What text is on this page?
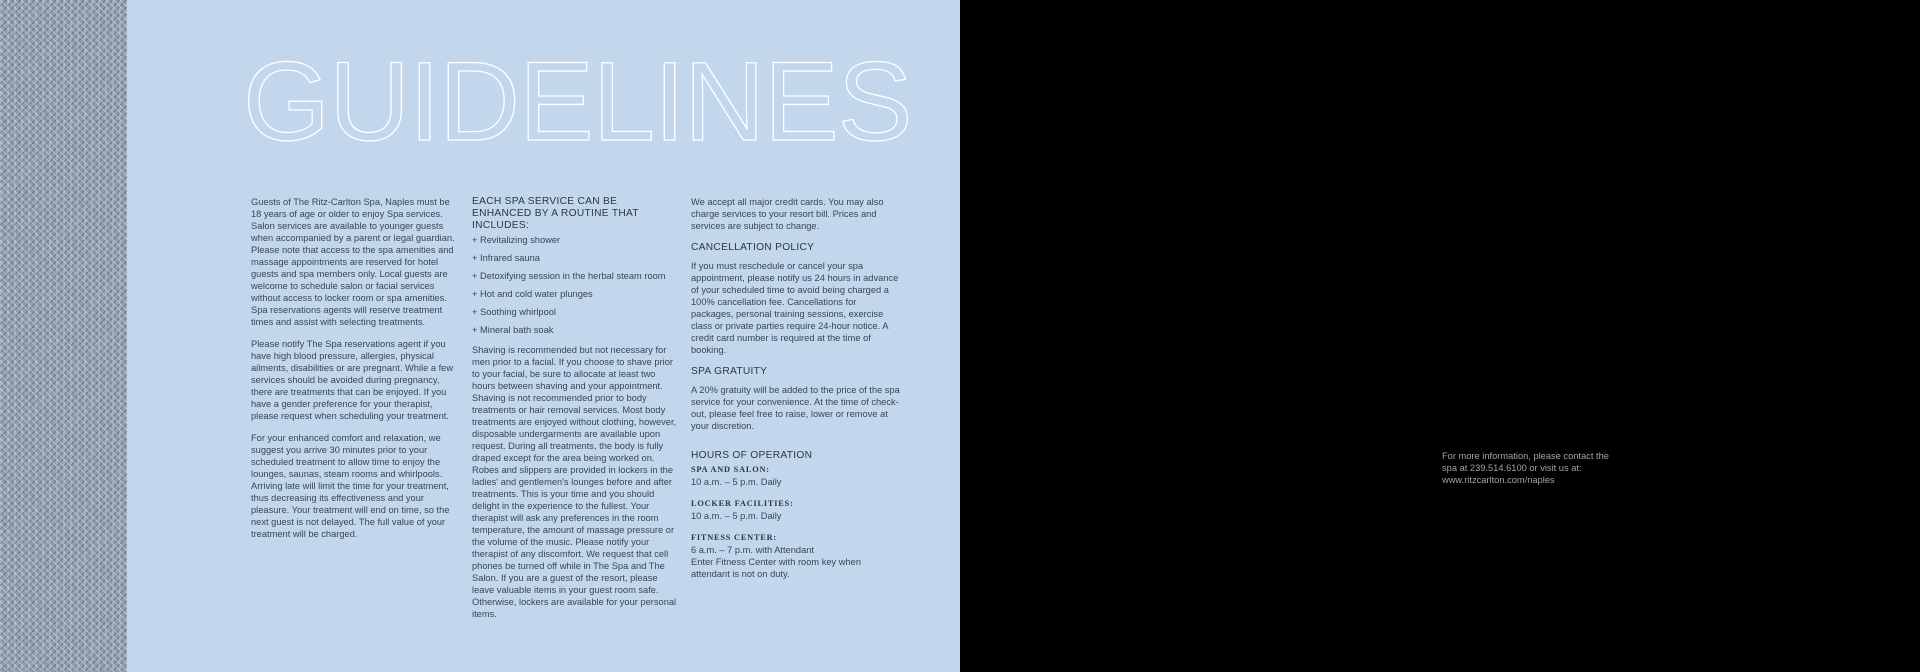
GUIDELINES

Guests of The Ritz-Carlton Spa, Naples must be 18 years of age or older to enjoy Spa services. Salon services are available to younger guests when accompanied by a parent or legal guardian. Please note that access to the spa amenities and massage appointments are reserved for hotel guests and spa members only. Local guests are welcome to schedule salon or facial services without access to locker room or spa amenities. Spa reservations agents will reserve treatment times and assist with selecting treatments.

Please notify The Spa reservations agent if you have high blood pressure, allergies, physical ailments, disabilities or are pregnant. While a few services should be avoided during pregnancy, there are treatments that can be enjoyed. If you have a gender preference for your therapist, please request when scheduling your treatment.

For your enhanced comfort and relaxation, we suggest you arrive 30 minutes prior to your scheduled treatment to allow time to enjoy the lounges, saunas, steam rooms and whirlpools. Arriving late will limit the time for your treatment, thus decreasing its effectiveness and your pleasure. Your treatment will end on time, so the next guest is not delayed. The full value of your treatment will be charged.

EACH SPA SERVICE CAN BE ENHANCED BY A ROUTINE THAT INCLUDES:
+ Revitalizing shower
+ Infrared sauna
+ Detoxifying session in the herbal steam room
+ Hot and cold water plunges
+ Soothing whirlpool
+ Mineral bath soak

Shaving is recommended but not necessary for men prior to a facial. If you choose to shave prior to your facial, be sure to allocate at least two hours between shaving and your appointment. Shaving is not recommended prior to body treatments or hair removal services. Most body treatments are enjoyed without clothing, however, disposable undergarments are available upon request. During all treatments, the body is fully draped except for the area being worked on. Robes and slippers are provided in lockers in the ladies' and gentlemen's lounges before and after treatments. This is your time and you should delight in the experience to the fullest. Your therapist will ask any preferences in the room temperature, the amount of massage pressure or the volume of the music. Please notify your therapist of any discomfort. We request that cell phones be turned off while in The Spa and The Salon. If you are a guest of the resort, please leave valuable items in your guest room safe. Otherwise, lockers are available for your personal items.

We accept all major credit cards. You may also charge services to your resort bill. Prices and services are subject to change.

CANCELLATION POLICY

If you must reschedule or cancel your spa appointment, please notify us 24 hours in advance of your scheduled time to avoid being charged a 100% cancellation fee. Cancellations for packages, personal training sessions, exercise class or private parties require 24-hour notice. A credit card number is required at the time of booking.

SPA GRATUITY

A 20% gratuity will be added to the price of the spa service for your convenience. At the time of check-out, please feel free to raise, lower or remove at your discretion.

HOURS OF OPERATION
SPA AND SALON:
10 a.m. – 5 p.m. Daily
LOCKER FACILITIES:
10 a.m. – 5 p.m. Daily
FITNESS CENTER:
6 a.m. – 7 p.m. with Attendant
Enter Fitness Center with room key when attendant is not on duty.
For more information, please contact the spa at 239.514.6100 or visit us at: www.ritzcarlton.com/naples
